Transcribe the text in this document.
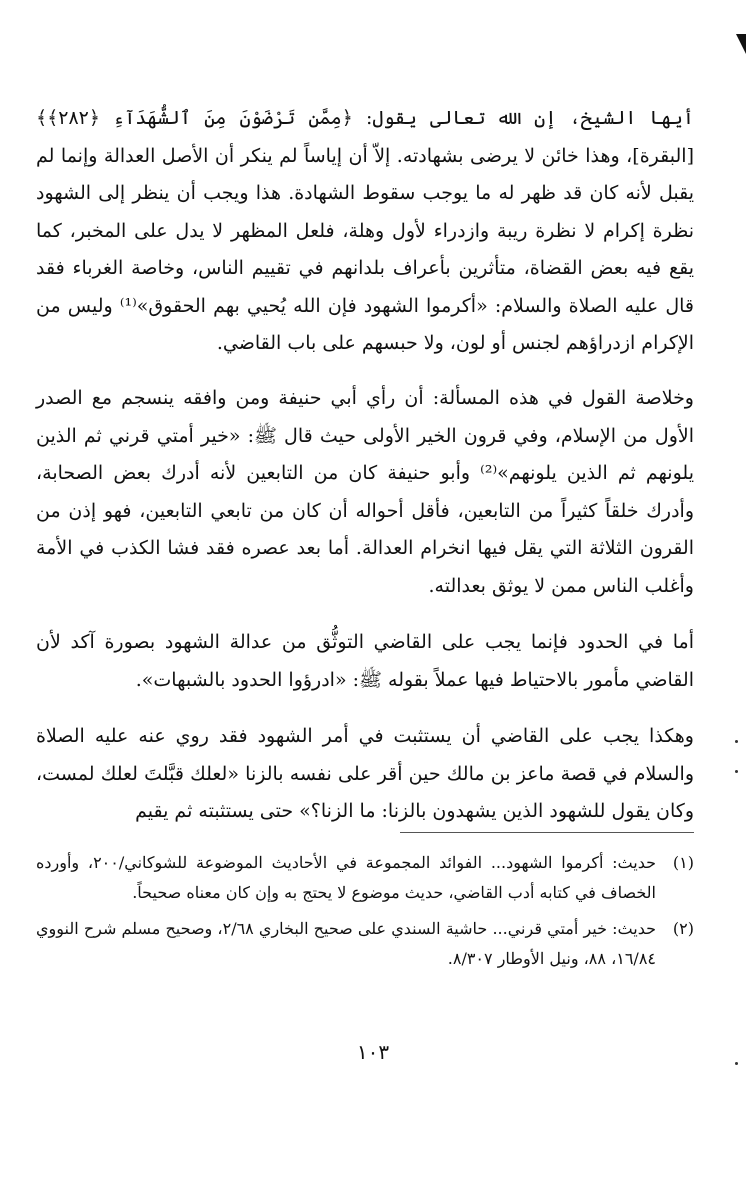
أيها الشيخ، إن الله تعالى يقول: ﴿مِمَّن تَرْضَوْنَ مِنَ ٱلشُّهَدَآءِ ﴿٢٨٢﴾﴾ [البقرة]، وهذا خائن لا يرضى بشهادته. إلاّ أن إياساً لم ينكر أن الأصل العدالة وإنما لم يقبل لأنه كان قد ظهر له ما يوجب سقوط الشهادة. هذا ويجب أن ينظر إلى الشهود نظرة إكرام لا نظرة ريبة وازدراء لأول وهلة، فلعل المظهر لا يدل على المخبر، كما يقع فيه بعض القضاة، متأثرين بأعراف بلدانهم في تقييم الناس، وخاصة الغرباء فقد قال عليه الصلاة والسلام: «أكرموا الشهود فإن الله يُحيي بهم الحقوق»⁽¹⁾ وليس من الإكرام ازدراؤهم لجنس أو لون، ولا حبسهم على باب القاضي.

وخلاصة القول في هذه المسألة: أن رأي أبي حنيفة ومن وافقه ينسجم مع الصدر الأول من الإسلام، وفي قرون الخير الأولى حيث قال ﷺ: «خير أمتي قرني ثم الذين يلونهم ثم الذين يلونهم»⁽²⁾ وأبو حنيفة كان من التابعين لأنه أدرك بعض الصحابة، وأدرك خلقاً كثيراً من التابعين، فأقل أحواله أن كان من تابعي التابعين، فهو إذن من القرون الثلاثة التي يقل فيها انخرام العدالة. أما بعد عصره فقد فشا الكذب في الأمة وأغلب الناس ممن لا يوثق بعدالته.

أما في الحدود فإنما يجب على القاضي التوثُّق من عدالة الشهود بصورة آكد لأن القاضي مأمور بالاحتياط فيها عملاً بقوله ﷺ: «ادرؤوا الحدود بالشبهات».

وهكذا يجب على القاضي أن يستثبت في أمر الشهود فقد روي عنه عليه الصلاة والسلام في قصة ماعز بن مالك حين أقر على نفسه بالزنا «لعلك قبَّلتَ لعلك لمست، وكان يقول للشهود الذين يشهدون بالزنا: ما الزنا؟» حتى يستثبته ثم يقيم

(١)
حديث: أكرموا الشهود... الفوائد المجموعة في الأحاديث الموضوعة للشوكاني/٢٠٠، وأورده الخصاف في كتابه أدب القاضي، حديث موضوع لا يحتج به وإن كان معناه صحيحاً.
(٢)
حديث: خير أمتي قرني... حاشية السندي على صحيح البخاري ٢/٦٨، وصحيح مسلم شرح النووي ١٦/٨٤، ٨٨، ونيل الأوطار ٨/٣٠٧.
١٠٣
